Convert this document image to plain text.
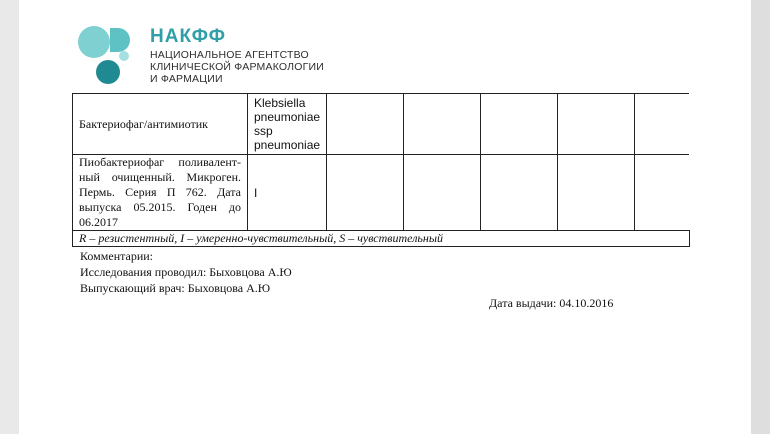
НАКФФ
НАЦИОНАЛЬНОЕ АГЕНТСТВО
КЛИНИЧЕСКОЙ ФАРМАКОЛОГИИ
И ФАРМАЦИИ
Бактериофаг/антимиотик	Klebsiella
pneumoniae
ssp
pneumoniae					

Пиобактериофаг поливалент-ный очищенный. Микроген. Пермь. Серия П 762. Дата выпуска 05.2015. Годен до 06.2017	I					
R – резистентный, I – умеренно-чувствительный, S – чувствительный						
Комментарии:
Исследования проводил: Быховцова А.Ю
Выпускающий врач: Быховцова А.Ю
Дата выдачи: 04.10.2016
